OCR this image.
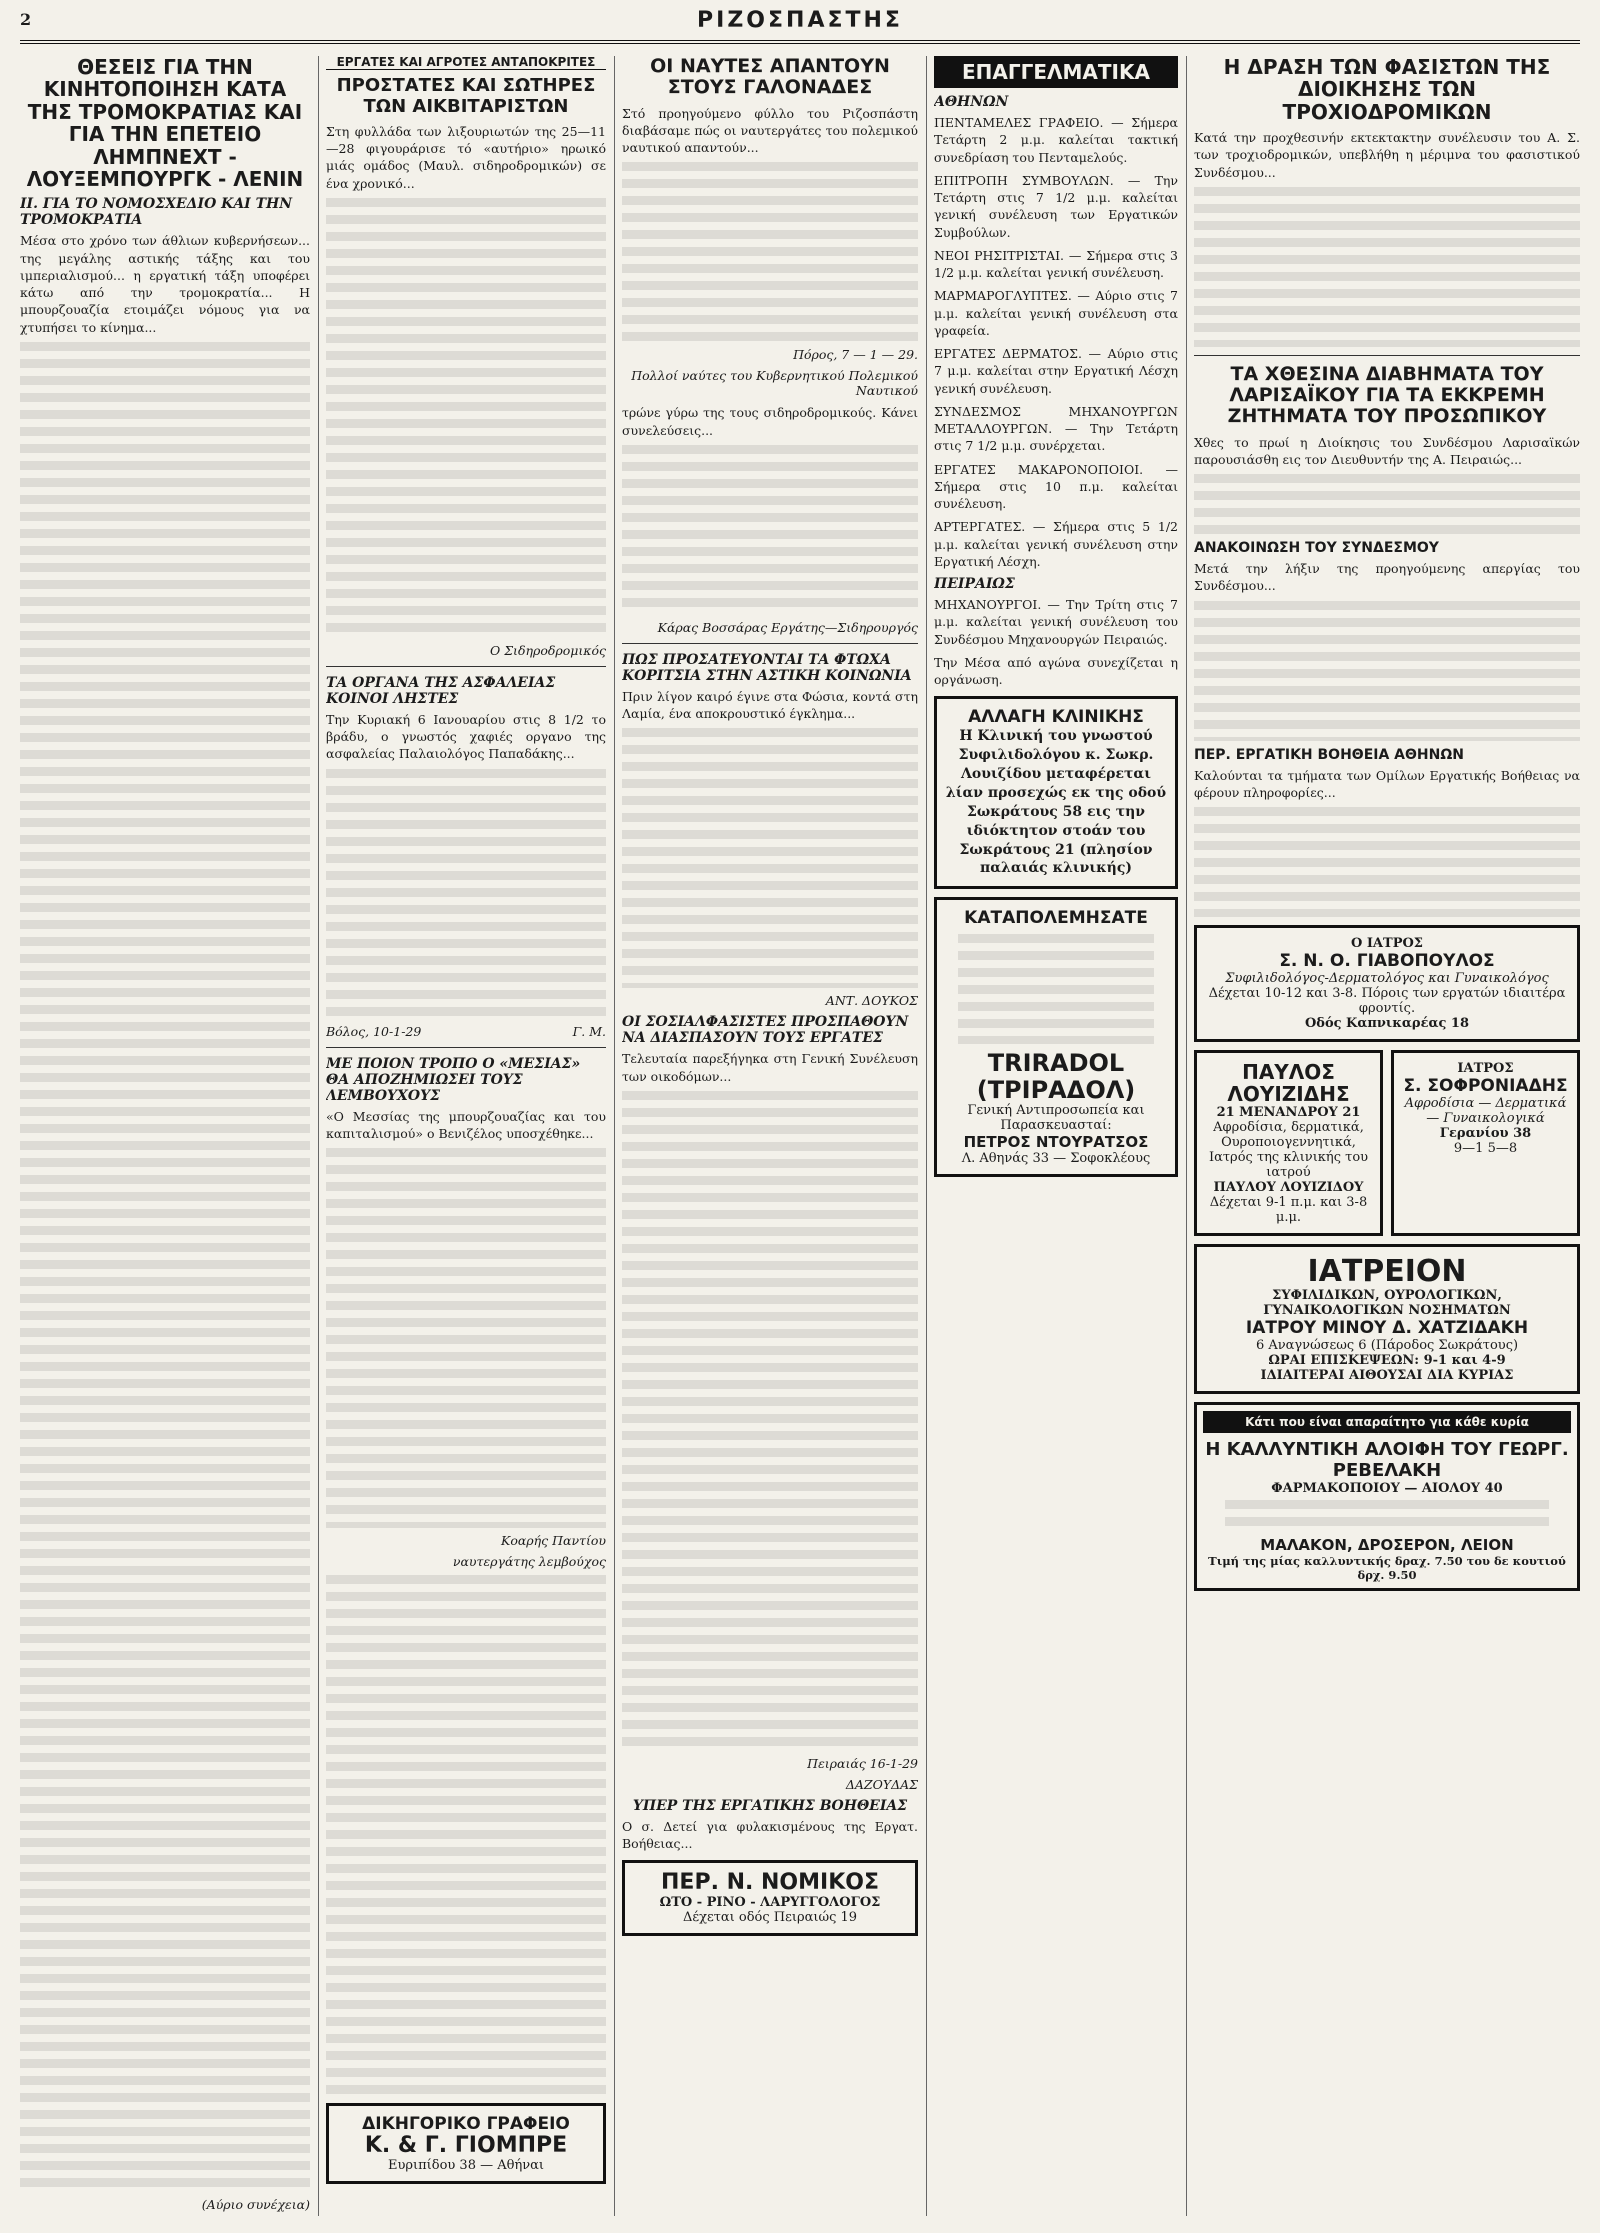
2	ΡΙΖΟΣΠΑΣΤΗΣ
ΘΕΣΕΙΣ ΓΙΑ ΤΗΝ ΚΙΝΗΤΟΠΟΙΗΣΗ ΚΑΤΑ ΤΗΣ ΤΡΟΜΟΚΡΑΤΙΑΣ ΚΑΙ ΓΙΑ ΤΗΝ ΕΠΕΤΕΙΟ ΛΗΜΠΝΕΧΤ - ΛΟΥΞΕΜΠΟΥΡΓΚ - ΛΕΝΙΝ
ΙΙ. ΓΙΑ ΤΟ ΝΟΜΟΣΧΕΔΙΟ ΚΑΙ ΤΗΝ ΤΡΟΜΟΚΡΑΤΙΑ

Μέσα στο χρόνο των άθλιων κυβερνήσεων... της μεγάλης αστικής τάξης και του ιμπεριαλισμού... η εργατική τάξη υποφέρει κάτω από την τρομοκρατία... Η μπουρζουαζία ετοιμάζει νόμους για να χτυπήσει το κίνημα...

(Αύριο συνέχεια)
ΕΡΓΑΤΕΣ ΚΑΙ ΑΓΡΟΤΕΣ ΑΝΤΑΠΟΚΡΙΤΕΣ
ΠΡΟΣΤΑΤΕΣ ΚΑΙ ΣΩΤΗΡΕΣ ΤΩΝ ΑΙΚΒΙΤΑΡΙΣΤΩΝ

Στη φυλλάδα των λιξουριωτών της 25—11—28 φιγουράρισε τό «αυτήριο» ηρωικό μιάς ομάδος (Μαυλ. σιδηροδρομικών) σε ένα χρονικό...

Ο Σιδηροδρομικός
ΤΑ ΟΡΓΑΝΑ ΤΗΣ ΑΣΦΑΛΕΙΑΣ ΚΟΙΝΟΙ ΛΗΣΤΕΣ

Την Κυριακή 6 Ιανουαρίου στις 8 1/2 το βράδυ, ο γνωστός χαφιές οργανο της ασφαλείας Παλαιολόγος Παπαδάκης...

Βόλος, 10-1-29	Γ. Μ.
ΜΕ ΠΟΙΟΝ ΤΡΟΠΟ Ο «ΜΕΣΙΑΣ» ΘΑ ΑΠΟΖΗΜΙΩΣΕΙ ΤΟΥΣ ΛΕΜΒΟΥΧΟΥΣ

«Ο Μεσσίας της μπουρζουαζίας και του καπιταλισμού» ο Βενιζέλος υποσχέθηκε...

Κοαρής Παντίου
ναυτεργάτης λεμβούχος
ΔΙΚΗΓΟΡΙΚΟ ΓΡΑΦΕΙΟ
Κ. & Γ. ΓΙΟΜΠΡΕ
Ευριπίδου 38 — Αθήναι
ΟΙ ΝΑΥΤΕΣ ΑΠΑΝΤΟΥΝ ΣΤΟΥΣ ΓΑΛΟΝΑΔΕΣ

Στό προηγούμενο φύλλο του Ριζοσπάστη διαβάσαμε πώς οι ναυτεργάτες του πολεμικού ναυτικού απαντούν...

Πόρος, 7 — 1 — 29.
Πολλοί ναύτες του Κυβερνητικού Πολεμικού Ναυτικού

τρώνε γύρω της τους σιδηροδρομικούς. Κάνει συνελεύσεις...

Κάρας Βοσσάρας Εργάτης—Σιδηρουργός
ΠΩΣ ΠΡΟΣΑΤΕΥΟΝΤΑΙ ΤΑ ΦΤΩΧΑ ΚΟΡΙΤΣΙΑ ΣΤΗΝ ΑΣΤΙΚΗ ΚΟΙΝΩΝΙΑ

Πριν λίγον καιρό έγινε στα Φώσια, κοντά στη Λαμία, ένα αποκρουστικό έγκλημα...

ΑΝΤ. ΔΟΥΚΟΣ
ΟΙ ΣΟΣΙΑΛΦΑΣΙΣΤΕΣ ΠΡΟΣΠΑΘΟΥΝ ΝΑ ΔΙΑΣΠΑΣΟΥΝ ΤΟΥΣ ΕΡΓΑΤΕΣ

Τελευταία παρεξήγηκα στη Γενική Συνέλευση των οικοδόμων...

Πειραιάς 16-1-29
ΔΑΖΟΥΔΑΣ
ΥΠΕΡ ΤΗΣ ΕΡΓΑΤΙΚΗΣ ΒΟΗΘΕΙΑΣ

Ο σ. Δετεί για φυλακισμένους της Εργατ. Βοήθειας...

ΠΕΡ. Ν. ΝΟΜΙΚΟΣ
ΩΤΟ - ΡΙΝΟ - ΛΑΡΥΓΓΟΛΟΓΟΣ
Δέχεται οδός Πειραιώς 19
ΕΠΑΓΓΕΛΜΑΤΙΚΑ
ΑΘΗΝΩΝ

ΠΕΝΤΑΜΕΛΕΣ ΓΡΑΦΕΙΟ. — Σήμερα Τετάρτη 2 μ.μ. καλείται τακτική συνεδρίαση του Πενταμελούς.

ΕΠΙΤΡΟΠΗ ΣΥΜΒΟΥΛΩΝ. — Την Τετάρτη στις 7 1/2 μ.μ. καλείται γενική συνέλευση των Εργατικών Συμβούλων.

ΝΕΟΙ ΡΗΣΙΤΡΙΣΤΑΙ. — Σήμερα στις 3 1/2 μ.μ. καλείται γενική συνέλευση.

ΜΑΡΜΑΡΟΓΛΥΠΤΕΣ. — Αύριο στις 7 μ.μ. καλείται γενική συνέλευση στα γραφεία.

ΕΡΓΑΤΕΣ ΔΕΡΜΑΤΟΣ. — Αύριο στις 7 μ.μ. καλείται στην Εργατική Λέσχη γενική συνέλευση.

ΣΥΝΔΕΣΜΟΣ ΜΗΧΑΝΟΥΡΓΩΝ ΜΕΤΑΛΛΟΥΡΓΩΝ. — Την Τετάρτη στις 7 1/2 μ.μ. συνέρχεται.

ΕΡΓΑΤΕΣ ΜΑΚΑΡΟΝΟΠΟΙΟΙ. — Σήμερα στις 10 π.μ. καλείται συνέλευση.

ΑΡΤΕΡΓΑΤΕΣ. — Σήμερα στις 5 1/2 μ.μ. καλείται γενική συνέλευση στην Εργατική Λέσχη.

ΠΕΙΡΑΙΩΣ

ΜΗΧΑΝΟΥΡΓΟΙ. — Την Τρίτη στις 7 μ.μ. καλείται γενική συνέλευση του Συνδέσμου Μηχανουργών Πειραιώς.

Την Μέσα από αγώνα συνεχίζεται η οργάνωση.

ΑΛΛΑΓΗ ΚΛΙΝΙΚΗΣ
Η Κλινική του γνωστού Συφιλιδολόγου κ. Σωκρ. Λουιζίδου μεταφέρεται λίαν προσεχώς εκ της οδού Σωκράτους 58 εις την ιδιόκτητον στοάν του Σωκράτους 21 (πλησίον παλαιάς κλινικής)
ΚΑΤΑΠΟΛΕΜΗΣΑΤΕ
TRIRADOL (ΤΡΙΡΑΔΟΛ)
Γενική Αντιπροσωπεία και Παρασκευασταί:
ΠΕΤΡΟΣ ΝΤΟΥΡΑΤΣΟΣ
Λ. Αθηνάς 33 — Σοφοκλέους
Η ΔΡΑΣΗ ΤΩΝ ΦΑΣΙΣΤΩΝ ΤΗΣ ΔΙΟΙΚΗΣΗΣ ΤΩΝ ΤΡΟΧΙΟΔΡΟΜΙΚΩΝ

Κατά την προχθεσινήν εκτεκτακτην συνέλευσιν του Α. Σ. των τροχιοδρομικών, υπεβλήθη η μέριμνα του φασιστικού Συνδέσμου...

ΤΑ ΧΘΕΣΙΝΑ ΔΙΑΒΗΜΑΤΑ ΤΟΥ ΛΑΡΙΣΑΪΚΟΥ ΓΙΑ ΤΑ ΕΚΚΡΕΜΗ ΖΗΤΗΜΑΤΑ ΤΟΥ ΠΡΟΣΩΠΙΚΟΥ

Χθες το πρωί η Διοίκησις του Συνδέσμου Λαρισαϊκών παρουσιάσθη εις τον Διευθυντήν της Α. Πειραιώς...

ΑΝΑΚΟΙΝΩΣΗ ΤΟΥ ΣΥΝΔΕΣΜΟΥ

Μετά την λήξιν της προηγούμενης απεργίας του Συνδέσμου...

ΠΕΡ. ΕΡΓΑΤΙΚΗ ΒΟΗΘΕΙΑ ΑΘΗΝΩΝ

Καλούνται τα τμήματα των Ομίλων Εργατικής Βοήθειας να φέρουν πληροφορίες...

Ο ΙΑΤΡΟΣ
Σ. Ν. Ο. ΓΙΑΒΟΠΟΥΛΟΣ
Συφιλιδολόγος-Δερματολόγος και Γυναικολόγος
Δέχεται 10-12 και 3-8. Πόροις των εργατών ιδιαιτέρα φροντίς.
Οδός Καπνικαρέας 18
ΠΑΥΛΟΣ ΛΟΥΙΖΙΔΗΣ
21 ΜΕΝΑΝΔΡΟΥ 21
Αφροδίσια, δερματικά, Ουροποιογεννητικά, Ιατρός της κλινικής του ιατρού
ΠΑΥΛΟΥ ΛΟΥΙΖΙΔΟΥ
Δέχεται 9-1 π.μ. και 3-8 μ.μ.
ΙΑΤΡΟΣ
Σ. ΣΟΦΡΟΝΙΑΔΗΣ
Αφροδίσια — Δερματικά — Γυναικολογικά
Γερανίου 38
9—1 5—8
ΙΑΤΡΕΙΟΝ
ΣΥΦΙΛΙΔΙΚΩΝ, ΟΥΡΟΛΟΓΙΚΩΝ, ΓΥΝΑΙΚΟΛΟΓΙΚΩΝ ΝΟΣΗΜΑΤΩΝ
ΙΑΤΡΟΥ ΜΙΝΟΥ Δ. ΧΑΤΖΙΔΑΚΗ
6 Αναγνώσεως 6 (Πάροδος Σωκράτους)
ΩΡΑΙ ΕΠΙΣΚΕΨΕΩΝ: 9-1 και 4-9
ΙΔΙΑΙΤΕΡΑΙ ΑΙΘΟΥΣΑΙ ΔΙΑ ΚΥΡΙΑΣ
Κάτι που είναι απαραίτητο για κάθε κυρία
Η ΚΑΛΛΥΝΤΙΚΗ ΑΛΟΙΦΗ ΤΟΥ ΓΕΩΡΓ. ΡΕΒΕΛΑΚΗ
ΦΑΡΜΑΚΟΠΟΙΟΥ — ΑΙΟΛΟΥ 40
ΜΑΛΑΚΟΝ, ΔΡΟΣΕΡΟΝ, ΛΕΙΟΝ
Τιμή της μίας καλλυντικής δραχ. 7.50 του δε κουτιού δρχ. 9.50
